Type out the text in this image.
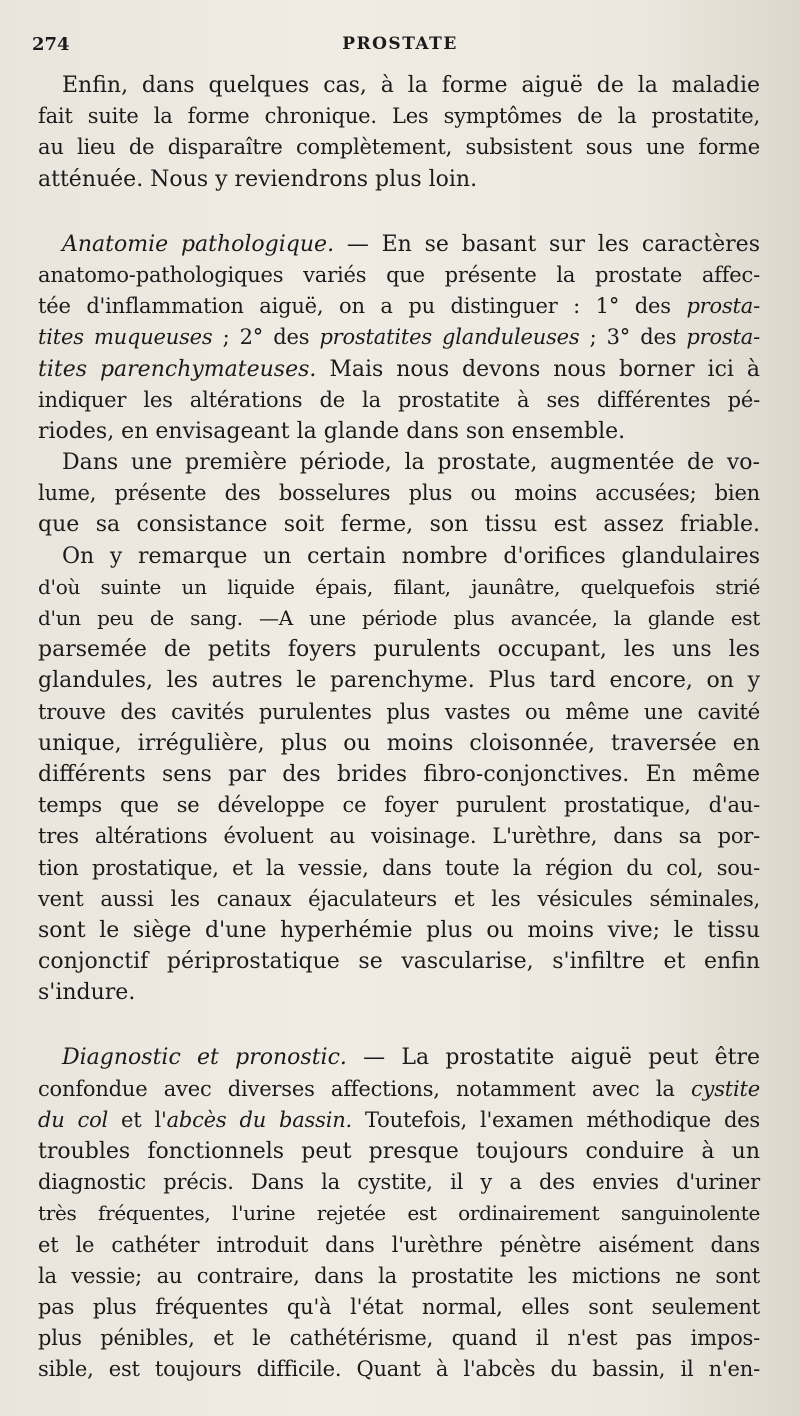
274	PROSTATE
Enfin, dans quelques cas, à la forme aiguë de la maladie
fait suite la forme chronique. Les symptômes de la prostatite,
au lieu de disparaître complètement, subsistent sous une forme
atténuée. Nous y reviendrons plus loin.
Anatomie pathologique. — En se basant sur les caractères
anatomo-pathologiques variés que présente la prostate affec-
tée d'inflammation aiguë, on a pu distinguer : 1° des prosta-
tites muqueuses ; 2° des prostatites glanduleuses ; 3° des prosta-
tites parenchymateuses. Mais nous devons nous borner ici à
indiquer les altérations de la prostatite à ses différentes pé-
riodes, en envisageant la glande dans son ensemble.
Dans une première période, la prostate, augmentée de vo-
lume, présente des bosselures plus ou moins accusées; bien
que sa consistance soit ferme, son tissu est assez friable.
On y remarque un certain nombre d'orifices glandulaires
d'où suinte un liquide épais, filant, jaunâtre, quelquefois strié
d'un peu de sang. —A une période plus avancée, la glande est
parsemée de petits foyers purulents occupant, les uns les
glandules, les autres le parenchyme. Plus tard encore, on y
trouve des cavités purulentes plus vastes ou même une cavité
unique, irrégulière, plus ou moins cloisonnée, traversée en
différents sens par des brides fibro-conjonctives. En même
temps que se développe ce foyer purulent prostatique, d'au-
tres altérations évoluent au voisinage. L'urèthre, dans sa por-
tion prostatique, et la vessie, dans toute la région du col, sou-
vent aussi les canaux éjaculateurs et les vésicules séminales,
sont le siège d'une hyperhémie plus ou moins vive; le tissu
conjonctif périprostatique se vascularise, s'infiltre et enfin
s'indure.
Diagnostic et pronostic. — La prostatite aiguë peut être
confondue avec diverses affections, notamment avec la cystite
du col et l'abcès du bassin. Toutefois, l'examen méthodique des
troubles fonctionnels peut presque toujours conduire à un
diagnostic précis. Dans la cystite, il y a des envies d'uriner
très fréquentes, l'urine rejetée est ordinairement sanguinolente
et le cathéter introduit dans l'urèthre pénètre aisément dans
la vessie; au contraire, dans la prostatite les mictions ne sont
pas plus fréquentes qu'à l'état normal, elles sont seulement
plus pénibles, et le cathétérisme, quand il n'est pas impos-
sible, est toujours difficile. Quant à l'abcès du bassin, il n'en-
